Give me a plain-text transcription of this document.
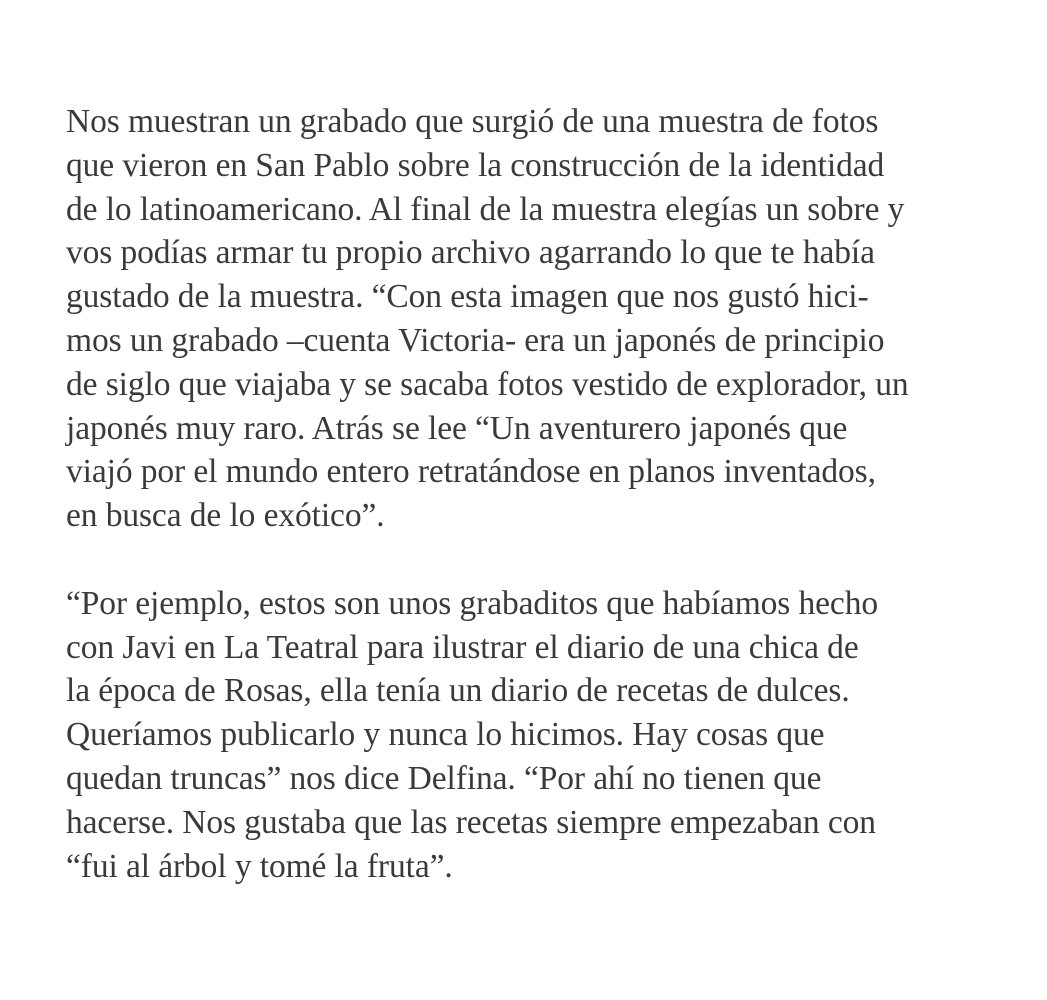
Nos muestran un grabado que surgió de una muestra de fotos
que vieron en San Pablo sobre la construcción de la identidad
de lo latinoamericano. Al final de la muestra elegías un sobre y
vos podías armar tu propio archivo agarrando lo que te había
gustado de la muestra. “Con esta imagen que nos gustó hici-
mos un grabado –cuenta Victoria- era un japonés de principio
de siglo que viajaba y se sacaba fotos vestido de explorador, un
japonés muy raro. Atrás se lee “Un aventurero japonés que
viajó por el mundo entero retratándose en planos inventados,
en busca de lo exótico”.

“Por ejemplo, estos son unos grabaditos que habíamos hecho
con Javi en La Teatral para ilustrar el diario de una chica de
la época de Rosas, ella tenía un diario de recetas de dulces.
Queríamos publicarlo y nunca lo hicimos. Hay cosas que
quedan truncas” nos dice Delfina. “Por ahí no tienen que
hacerse. Nos gustaba que las recetas siempre empezaban con
“fui al árbol y tomé la fruta”.
